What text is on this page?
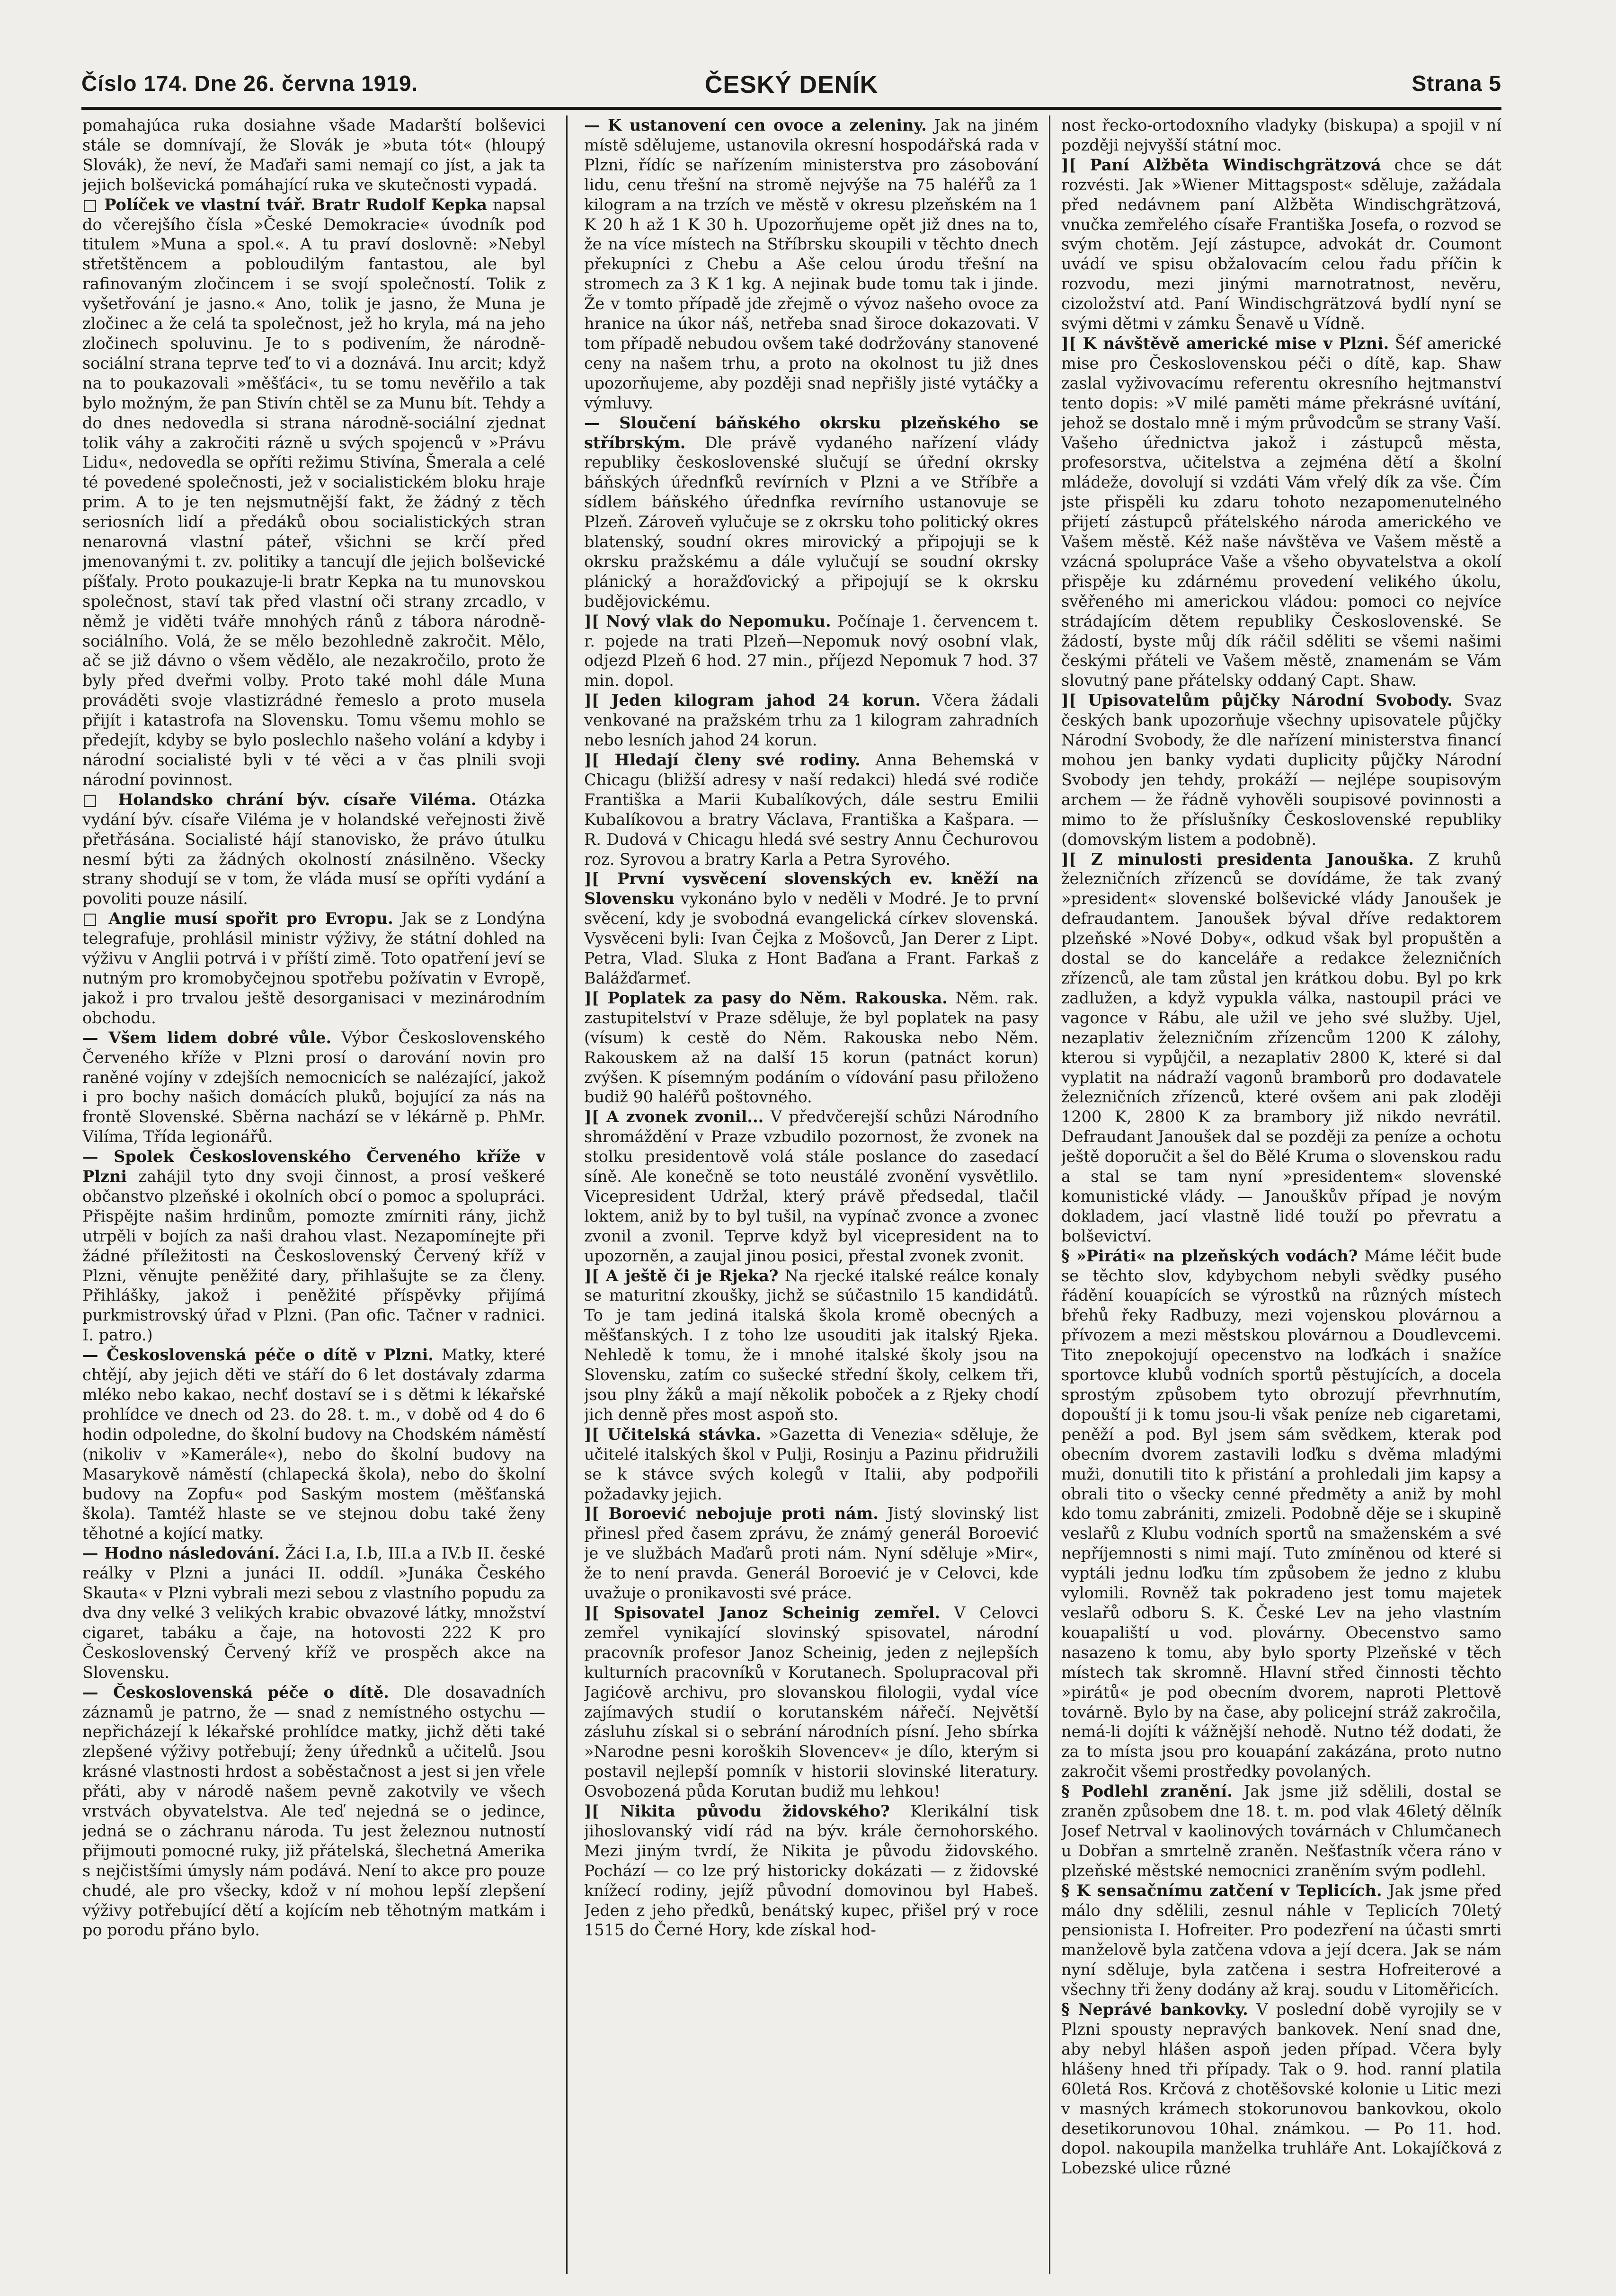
Číslo 174. Dne 26. června 1919.	ČESKÝ DENÍK	Strana 5

pomahajúca ruka dosiahne všade Madarští bolševici stále se domnívají, že Slovák je »buta tót« (hloupý Slovák), že neví, že Maďaři sami nemají co jíst, a jak ta jejich bolševická pomáhající ruka ve skutečnosti vypadá.

□ Políček ve vlastní tvář. Bratr Rudolf Kepka napsal do včerejšího čísla »České Demokracie« úvodník pod titulem »Muna a spol.«. A tu praví doslovně: »Nebyl střetštěncem a pobloudilým fantastou, ale byl rafinovaným zločincem i se svojí společností. Tolik z vyšetřování je jasno.« Ano, tolik je jasno, že Muna je zločinec a že celá ta společnost, jež ho kryla, má na jeho zločinech spoluvinu. Je to s podivením, že národně-sociální strana teprve teď to vi a doznává. Inu arcit; když na to poukazovali »měšťáci«, tu se tomu nevěřilo a tak bylo možným, že pan Stivín chtěl se za Munu bít. Tehdy a do dnes nedovedla si strana národně-sociální zjednat tolik váhy a zakročiti rázně u svých spojenců v »Právu Lidu«, nedovedla se opříti režimu Stivína, Šmerala a celé té povedené společnosti, jež v socialistickém bloku hraje prim. A to je ten nejsmutnější fakt, že žádný z těch seriosních lidí a předáků obou socialistických stran nenarovná vlastní páteř, všichni se krčí před jmenovanými t. zv. politiky a tancují dle jejich bolševické píšťaly. Proto poukazuje-li bratr Kepka na tu munovskou společnost, staví tak před vlastní oči strany zrcadlo, v němž je viděti tváře mnohých ránů z tábora národně-sociálního. Volá, že se mělo bezohledně zakročit. Mělo, ač se již dávno o všem vědělo, ale nezakročilo, proto že byly před dveřmi volby. Proto také mohl dále Muna prováděti svoje vlastizrádné řemeslo a proto musela přijít i katastrofa na Slovensku. Tomu všemu mohlo se předejít, kdyby se bylo poslechlo našeho volání a kdyby i národní socialisté byli v té věci a v čas plnili svoji národní povinnost.

□ Holandsko chrání býv. císaře Viléma. Otázka vydání býv. císaře Viléma je v holandské veřejnosti živě přetřásána. Socialisté hájí stanovisko, že právo útulku nesmí býti za žádných okolností znásilněno. Všecky strany shodují se v tom, že vláda musí se opříti vydání a povoliti pouze násilí.

□ Anglie musí spořit pro Evropu. Jak se z Londýna telegrafuje, prohlásil ministr výživy, že státní dohled na výživu v Anglii potrvá i v příští zimě. Toto opatření jeví se nutným pro kromobyčejnou spotřebu požívatin v Evropě, jakož i pro trvalou ještě desorganisaci v mezinárodním obchodu.

— Všem lidem dobré vůle. Výbor Československého Červeného kříže v Plzni prosí o darování novin pro raněné vojíny v zdejších nemocnicích se nalézající, jakož i pro bochy našich domácích pluků, bojující za nás na frontě Slovenské. Sběrna nachází se v lékárně p. PhMr. Vilíma, Třída legionářů.

— Spolek Československého Červeného kříže v Plzni zahájil tyto dny svoji činnost, a prosí veškeré občanstvo plzeňské i okolních obcí o pomoc a spolupráci. Přispějte našim hrdinům, pomozte zmírniti rány, jichž utrpěli v bojích za naši drahou vlast. Nezapomínejte při žádné příležitosti na Československý Červený kříž v Plzni, věnujte peněžité dary, přihlašujte se za členy. Přihlášky, jakož i peněžité příspěvky přijímá purkmistrovský úřad v Plzni. (Pan ofic. Tačner v radnici. I. patro.)

— Československá péče o dítě v Plzni. Matky, které chtějí, aby jejich děti ve stáří do 6 let dostávaly zdarma mléko nebo kakao, nechť dostaví se i s dětmi k lékařské prohlídce ve dnech od 23. do 28. t. m., v době od 4 do 6 hodin odpoledne, do školní budovy na Chodském náměstí (nikoliv v »Kamerále«), nebo do školní budovy na Masarykově náměstí (chlapecká škola), nebo do školní budovy na Zopfu« pod Saským mostem (měšťanská škola). Tamtéž hlaste se ve stejnou dobu také ženy těhotné a kojící matky.

— Hodno následování. Žáci I.a, I.b, III.a a IV.b II. české reálky v Plzni a junáci II. oddíl. »Junáka Českého Skauta« v Plzni vybrali mezi sebou z vlastního popudu za dva dny velké 3 velikých krabic obvazové látky, množství cigaret, tabáku a čaje, na hotovosti 222 K pro Československý Červený kříž ve prospěch akce na Slovensku.

— Československá péče o dítě. Dle dosavadních záznamů je patrno, že — snad z nemístného ostychu — nepřicházejí k lékařské prohlídce matky, jichž děti také zlepšené výživy potřebují; ženy úřednků a učitelů. Jsou krásné vlastnosti hrdost a soběstačnost a jest si jen vřele přáti, aby v národě našem pevně zakotvily ve všech vrstvách obyvatelstva. Ale teď nejedná se o jedince, jedná se o záchranu národa. Tu jest železnou nutností přijmouti pomocné ruky, již přátelská, šlechetná Amerika s nejčistšími úmysly nám podává. Není to akce pro pouze chudé, ale pro všecky, kdož v ní mohou lepší zlepšení výživy potřebující dětí a kojícím neb těhotným matkám i po porodu přáno bylo.

— K ustanovení cen ovoce a zeleniny. Jak na jiném místě sdělujeme, ustanovila okresní hospodářská rada v Plzni, řídíc se nařízením ministerstva pro zásobování lidu, cenu třešní na stromě nejvýše na 75 haléřů za 1 kilogram a na trzích ve městě v okresu plzeňském na 1 K 20 h až 1 K 30 h. Upozorňujeme opět již dnes na to, že na více místech na Stříbrsku skoupili v těchto dnech překupníci z Chebu a Aše celou úrodu třešní na stromech za 3 K 1 kg. A nejinak bude tomu tak i jinde. Že v tomto případě jde zřejmě o vývoz našeho ovoce za hranice na úkor náš, netřeba snad široce dokazovati. V tom případě nebudou ovšem také dodržovány stanovené ceny na našem trhu, a proto na okolnost tu již dnes upozorňujeme, aby později snad nepřišly jisté vytáčky a výmluvy.

— Sloučení báňského okrsku plzeňského se stříbrským. Dle právě vydaného nařízení vlády republiky československé slučují se úřední okrsky báňských úřednfků revírních v Plzni a ve Stříbře a sídlem báňského úřednfka revírního ustanovuje se Plzeň. Zároveň vylučuje se z okrsku toho politický okres blatenský, soudní okres mirovický a připojuji se k okrsku pražskému a dále vylučují se soudní okrsky plánický a horažďovický a připojují se k okrsku budějovickému.

][ Nový vlak do Nepomuku. Počínaje 1. červencem t. r. pojede na trati Plzeň—Nepomuk nový osobní vlak, odjezd Plzeň 6 hod. 27 min., příjezd Nepomuk 7 hod. 37 min. dopol.

][ Jeden kilogram jahod 24 korun. Včera žádali venkované na pražském trhu za 1 kilogram zahradních nebo lesních jahod 24 korun.

][ Hledají členy své rodiny. Anna Behemská v Chicagu (bližší adresy v naší redakci) hledá své rodiče Františka a Marii Kubalíkových, dále sestru Emilii Kubalíkovou a bratry Václava, Františka a Kašpara. — R. Dudová v Chicagu hledá své sestry Annu Čechurovou roz. Syrovou a bratry Karla a Petra Syrového.

][ První vysvěcení slovenských ev. kněží na Slovensku vykonáno bylo v neděli v Modré. Je to první svěcení, kdy je svobodná evangelická církev slovenská. Vysvěceni byli: Ivan Čejka z Mošovců, Jan Derer z Lipt. Petra, Vlad. Sluka z Hont Baďana a Frant. Farkaš z Balážďarmeť.

][ Poplatek za pasy do Něm. Rakouska. Něm. rak. zastupitelství v Praze sděluje, že byl poplatek na pasy (vísum) k cestě do Něm. Rakouska nebo Něm. Rakouskem až na další 15 korun (patnáct korun) zvýšen. K písemným podáním o vídování pasu přiloženo budiž 90 haléřů poštovného.

][ A zvonek zvonil... V předvčerejší schůzi Národního shromáždění v Praze vzbudilo pozornost, že zvonek na stolku presidentově volá stále poslance do zasedací síně. Ale konečně se toto neustálé zvonění vysvětlilo. Vicepresident Udržal, který právě předsedal, tlačil loktem, aniž by to byl tušil, na vypínač zvonce a zvonec zvonil a zvonil. Teprve když byl vicepresident na to upozorněn, a zaujal jinou posici, přestal zvonek zvonit.

][ A ještě či je Rjeka? Na rjecké italské reálce konaly se maturitní zkoušky, jichž se súčastnilo 15 kandidátů. To je tam jediná italská škola kromě obecných a měšťanských. I z toho lze usouditi jak italský Rjeka. Nehledě k tomu, že i mnohé italské školy jsou na Slovensku, zatím co sušecké střední školy, celkem tři, jsou plny žáků a mají několik poboček a z Rjeky chodí jich denně přes most aspoň sto.

][ Učitelská stávka. »Gazetta di Venezia« sděluje, že učitelé italských škol v Pulji, Rosinju a Pazinu přidružili se k stávce svých kolegů v Italii, aby podpořili požadavky jejich.

][ Boroević nebojuje proti nám. Jistý slovinský list přinesl před časem zprávu, že známý generál Boroević je ve službách Maďarů proti nám. Nyní sděluje »Mir«, že to není pravda. Generál Boroević je v Celovci, kde uvažuje o pronikavosti své práce.

][ Spisovatel Janoz Scheinig zemřel. V Celovci zemřel vynikající slovinský spisovatel, národní pracovník profesor Janoz Scheinig, jeden z nejlepších kulturních pracovníků v Korutanech. Spolupracoval při Jagićově archivu, pro slovanskou filologii, vydal více zajímavých studií o korutanském nářečí. Největší zásluhu získal si o sebrání národních písní. Jeho sbírka »Narodne pesni koroških Slovencev« je dílo, kterým si postavil nejlepší pomník v historii slovinské literatury. Osvobozená půda Korutan budiž mu lehkou!

][ Nikita původu židovského? Klerikální tisk jihoslovanský vidí rád na býv. krále černohorského. Mezi jiným tvrdí, že Nikita je původu židovského. Pochází — co lze prý historicky dokázati — z židovské knížecí rodiny, jejíž původní domovinou byl Habeš. Jeden z jeho předků, benátský kupec, přišel prý v roce 1515 do Černé Hory, kde získal hod-

nost řecko-ortodoxního vladyky (biskupa) a spojil v ní později nejvyšší státní moc.

][ Paní Alžběta Windischgrätzová chce se dát rozvésti. Jak »Wiener Mittagspost« sděluje, zažádala před nedávnem paní Alžběta Windischgrätzová, vnučka zemřelého císaře Františka Josefa, o rozvod se svým chotěm. Její zástupce, advokát dr. Coumont uvádí ve spisu obžalovacím celou řadu příčin k rozvodu, mezi jinými marnotratnost, nevěru, cizoložství atd. Paní Windischgrätzová bydlí nyní se svými dětmi v zámku Šenavě u Vídně.

][ K návštěvě americké mise v Plzni. Šéf americké mise pro Československou péči o dítě, kap. Shaw zaslal vyživovacímu referentu okresního hejtmanství tento dopis: »V milé paměti máme překrásné uvítání, jehož se dostalo mně i mým průvodcům se strany Vaší. Vašeho úřednictva jakož i zástupců města, profesorstva, učitelstva a zejména dětí a školní mládeže, dovolují si vzdáti Vám vřelý dík za vše. Čím jste přispěli ku zdaru tohoto nezapomenutelného přijetí zástupců přátelského národa amerického ve Vašem městě. Kéž naše návštěva ve Vašem městě a vzácná spolupráce Vaše a všeho obyvatelstva a okolí přispěje ku zdárnému provedení velikého úkolu, svěřeného mi americkou vládou: pomoci co nejvíce strádajícím dětem republiky Československé. Se žádostí, byste můj dík ráčil sděliti se všemi našimi českými přáteli ve Vašem městě, znamenám se Vám slovutný pane přátelsky oddaný Capt. Shaw.

][ Upisovatelům půjčky Národní Svobody. Svaz českých bank upozorňuje všechny upisovatele půjčky Národní Svobody, že dle nařízení ministerstva financí mohou jen banky vydati duplicity půjčky Národní Svobody jen tehdy, prokáží — nejlépe soupisovým archem — že řádně vyhověli soupisové povinnosti a mimo to že příslušníky Československé republiky (domovským listem a podobně).

][ Z minulosti presidenta Janouška. Z kruhů železničních zřízenců se dovídáme, že tak zvaný »president« slovenské bolševické vlády Janoušek je defraudantem. Janoušek býval dříve redaktorem plzeňské »Nové Doby«, odkud však byl propuštěn a dostal se do kanceláře a redakce železničních zřízenců, ale tam zůstal jen krátkou dobu. Byl po krk zadlužen, a když vypukla válka, nastoupil práci ve vagonce v Rábu, ale užil ve jeho své služby. Ujel, nezaplativ železničním zřízencům 1200 K zálohy, kterou si vypůjčil, a nezaplativ 2800 K, které si dal vyplatit na nádraží vagonů bramborů pro dodavatele železničních zřízenců, které ovšem ani pak zloději 1200 K, 2800 K za brambory již nikdo nevrátil. Defraudant Janoušek dal se později za peníze a ochotu ještě doporučit a šel do Bělé Kruma o slovenskou radu a stal se tam nyní »presidentem« slovenské komunistické vlády. — Janouškův případ je novým dokladem, jací vlastně lidé touží po převratu a bolševictví.

§ »Piráti« na plzeňských vodách? Máme léčit bude se těchto slov, kdybychom nebyli svědky pusého řádění kouapících se výrostků na různých místech břehů řeky Radbuzy, mezi vojenskou plovárnou a přívozem a mezi městskou plovárnou a Doudlevcemi. Tito znepokojují opecenstvo na loďkách i snažíce sportovce klubů vodních sportů pěstujících, a docela sprostým způsobem tyto obrozují převrhnutím, dopouští ji k tomu jsou-li však peníze neb cigaretami, peněží a pod. Byl jsem sám svědkem, kterak pod obecním dvorem zastavili loďku s dvěma mladými muži, donutili tito k přistání a prohledali jim kapsy a obrali tito o všecky cenné předměty a aniž by mohl kdo tomu zabrániti, zmizeli. Podobně děje se i skupině veslařů z Klubu vodních sportů na smaženském a své nepříjemnosti s nimi mají. Tuto zmíněnou od které si vyptáli jednu loďku tím způsobem že jedno z klubu vylomili. Rovněž tak pokradeno jest tomu majetek veslařů odboru S. K. České Lev na jeho vlastním kouapaliští u vod. plovárny. Obecenstvo samo nasazeno k tomu, aby bylo sporty Plzeňské v těch místech tak skromně. Hlavní střed činnosti těchto »pirátů« je pod obecním dvorem, naproti Plettově továrně. Bylo by na čase, aby policejní stráž zakročila, nemá-li dojíti k vážnější nehodě. Nutno též dodati, že za to místa jsou pro kouapání zakázána, proto nutno zakročit všemi prostředky povolaných.

§ Podlehl zranění. Jak jsme již sdělili, dostal se zraněn způsobem dne 18. t. m. pod vlak 46letý dělník Josef Netrval v kaolinových továrnách v Chlumčanech u Dobřan a smrtelně zraněn. Nešťastník včera ráno v plzeňské městské nemocnici zraněním svým podlehl.

§ K sensačnímu zatčení v Teplicích. Jak jsme před málo dny sdělili, zesnul náhle v Teplicích 70letý pensionista I. Hofreiter. Pro podezření na účasti smrti manželově byla zatčena vdova a její dcera. Jak se nám nyní sděluje, byla zatčena i sestra Hofreiterové a všechny tři ženy dodány až kraj. soudu v Litoměřicích.

§ Neprávé bankovky. V poslední době vyrojily se v Plzni spousty nepravých bankovek. Není snad dne, aby nebyl hlášen aspoň jeden případ. Včera byly hlášeny hned tři případy. Tak o 9. hod. ranní platila 60letá Ros. Krčová z chotěšovské kolonie u Litic mezi v masných krámech stokorunovou bankovkou, okolo desetikorunovou 10hal. známkou. — Po 11. hod. dopol. nakoupila manželka truhláře Ant. Lokajíčková z Lobezské ulice různé
